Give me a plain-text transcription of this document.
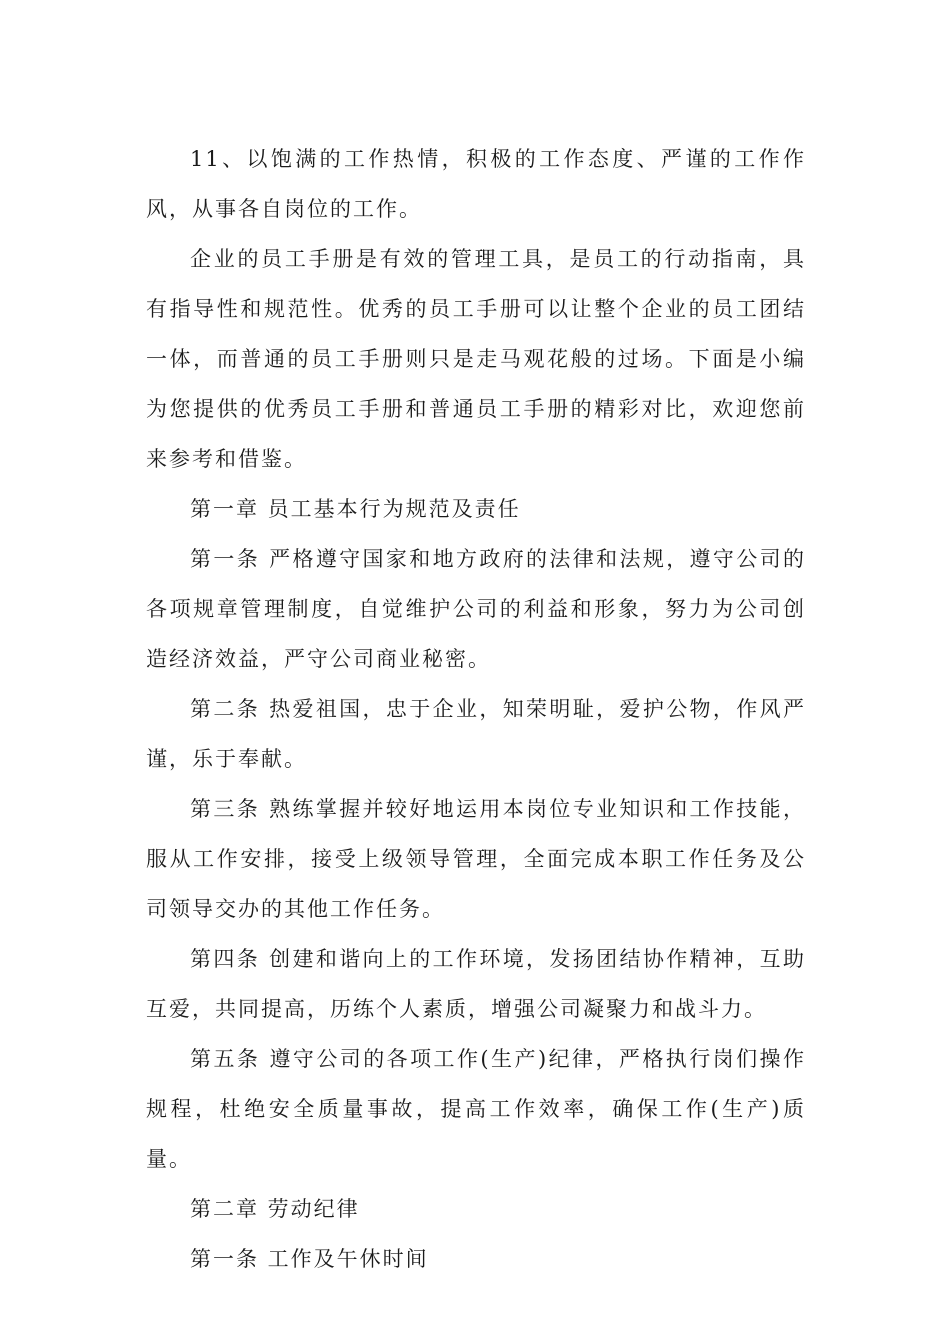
11、以饱满的工作热情，积极的工作态度、严谨的工作作风，从事各自岗位的工作。

企业的员工手册是有效的管理工具，是员工的行动指南，具有指导性和规范性。优秀的员工手册可以让整个企业的员工团结一体，而普通的员工手册则只是走马观花般的过场。下面是小编为您提供的优秀员工手册和普通员工手册的精彩对比，欢迎您前来参考和借鉴。

第一章 员工基本行为规范及责任

第一条 严格遵守国家和地方政府的法律和法规，遵守公司的各项规章管理制度，自觉维护公司的利益和形象，努力为公司创造经济效益，严守公司商业秘密。

第二条 热爱祖国，忠于企业，知荣明耻，爱护公物，作风严谨，乐于奉献。

第三条 熟练掌握并较好地运用本岗位专业知识和工作技能，服从工作安排，接受上级领导管理，全面完成本职工作任务及公司领导交办的其他工作任务。

第四条 创建和谐向上的工作环境，发扬团结协作精神，互助互爱，共同提高，历练个人素质，增强公司凝聚力和战斗力。

第五条 遵守公司的各项工作(生产)纪律，严格执行岗们操作规程，杜绝安全质量事故，提高工作效率，确保工作(生产)质量。

第二章 劳动纪律

第一条 工作及午休时间
